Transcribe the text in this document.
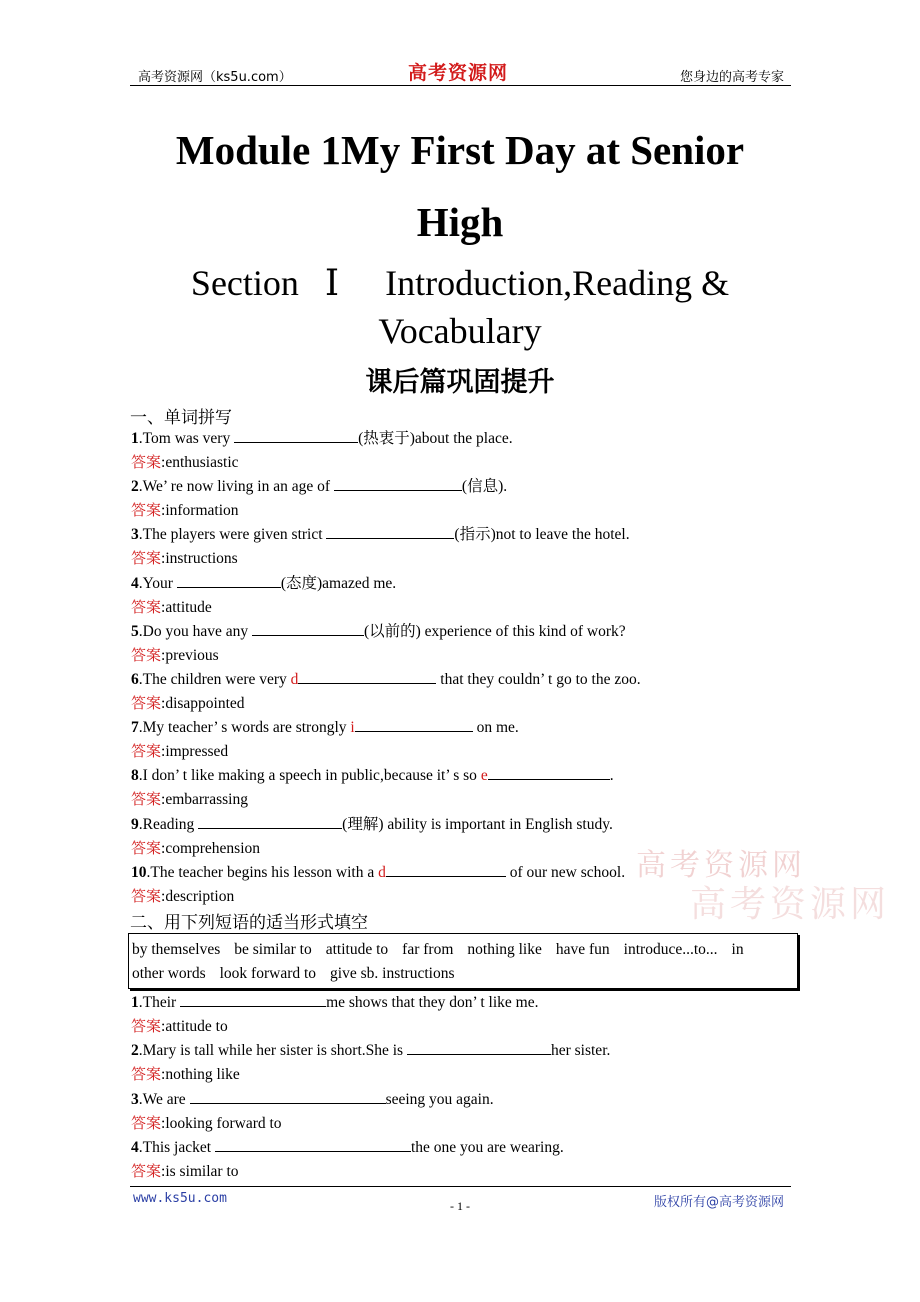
高考资源网（ks5u.com）	高考资源网	您身边的高考专家
Module 1My First Day at Senior
High
Section Ⅰ Introduction,Reading &
Vocabulary
课后篇巩固提升
一、单词拼写
1.Tom was very	(热衷于)about the place.
答案:enthusiastic
2.We’ re now living in an age of	(信息).
答案:information
3.The players were given strict	(指示)not to leave the hotel.
答案:instructions
4.Your	(态度)amazed me.
答案:attitude
5.Do you have any	(以前的) experience of this kind of work?
答案:previous
6.The children were very d	that they couldn’ t go to the zoo.
答案:disappointed
7.My teacher’ s words are strongly i	on me.
答案:impressed
8.I don’ t like making a speech in public,because it’ s so e	.
答案:embarrassing
9.Reading	(理解) ability is important in English study.
答案:comprehension
10.The teacher begins his lesson with a d	of our new school.
答案:description
二、用下列短语的适当形式填空
by themselves be similar to attitude to far from nothing like have fun introduce...to... in
other words look forward to give sb. instructions
1.Their	me shows that they don’ t like me.
答案:attitude to
2.Mary is tall while her sister is short.She is	her sister.
答案:nothing like
3.We are	seeing you again.
答案:looking forward to
4.This jacket	the one you are wearing.
答案:is similar to
高考资源网
高考资源网
www.ks5u.com	- 1 -	版权所有@高考资源网
